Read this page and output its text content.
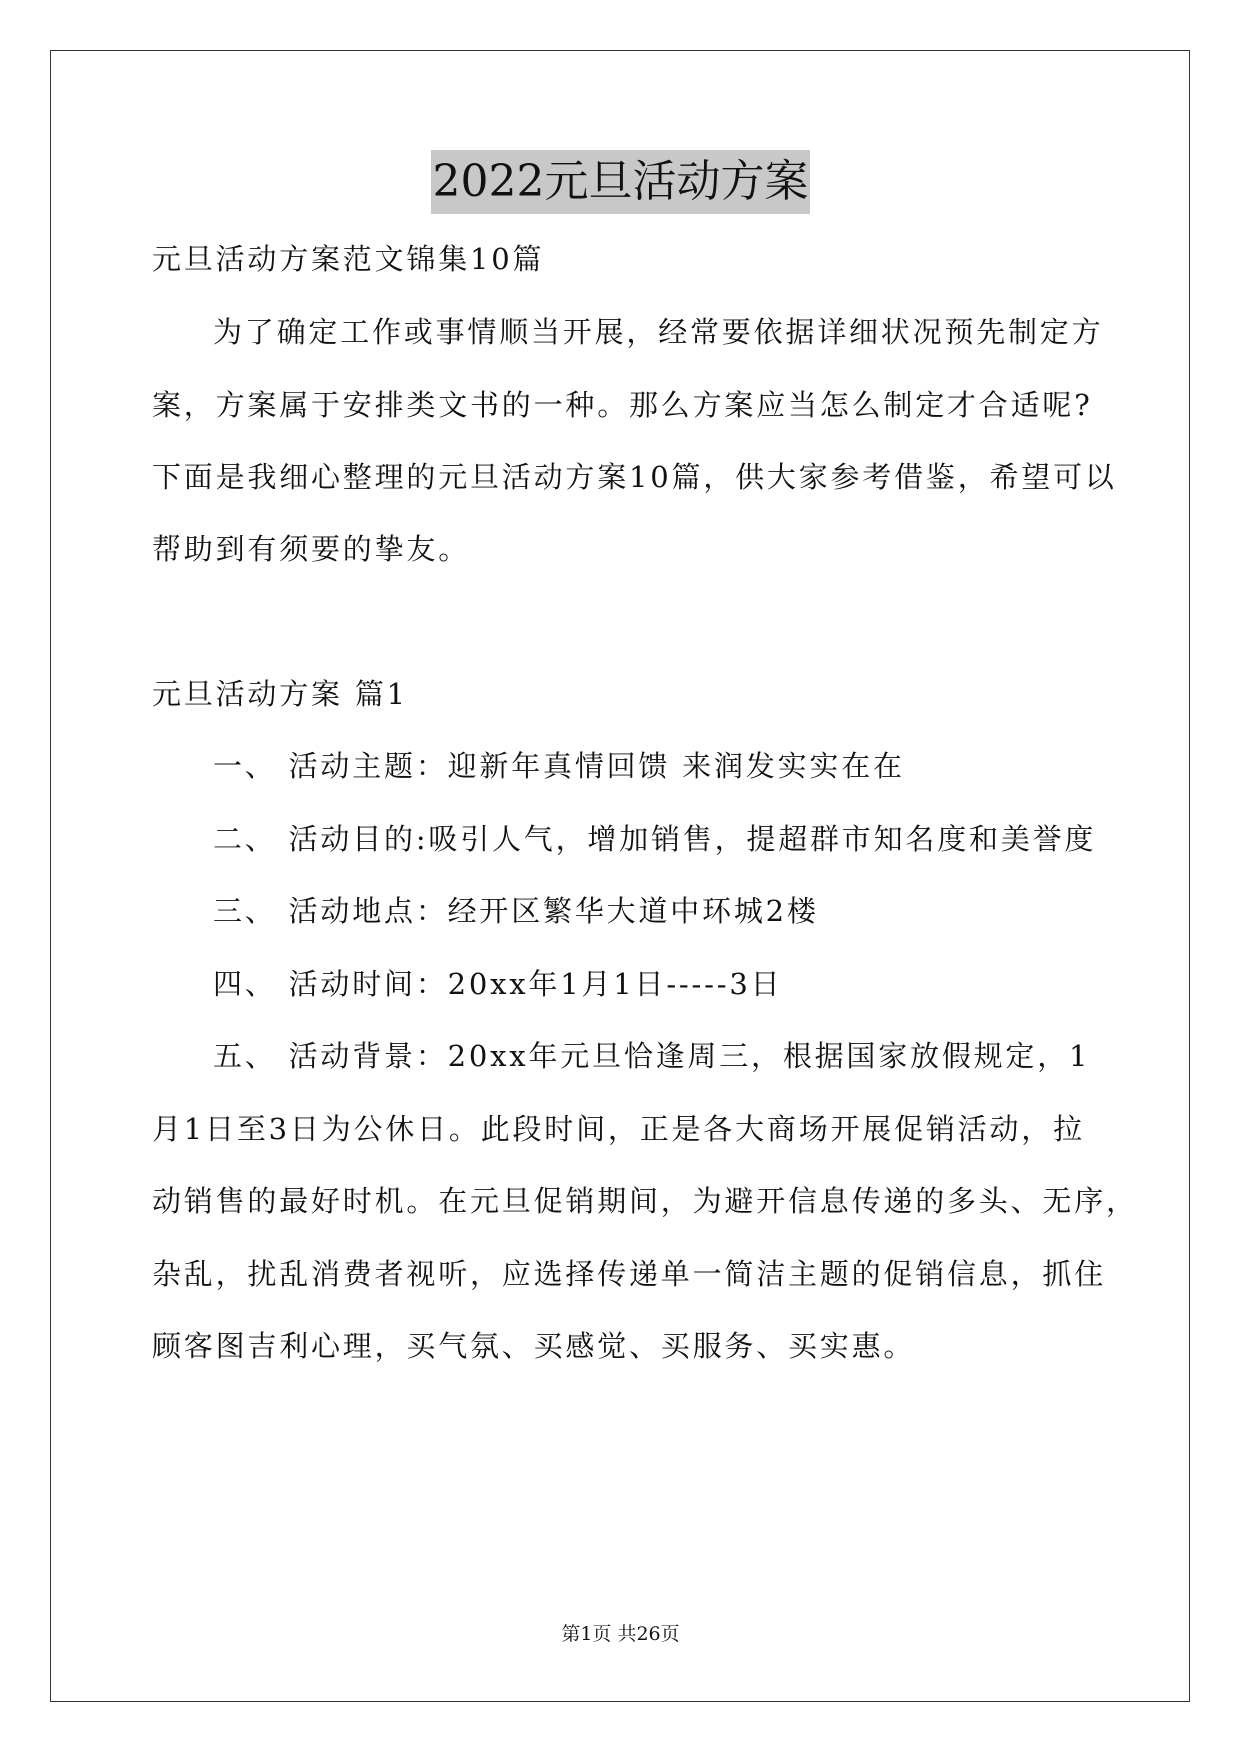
2022元旦活动方案
元旦活动方案范文锦集10篇
为了确定工作或事情顺当开展，经常要依据详细状况预先制定方
案，方案属于安排类文书的一种。那么方案应当怎么制定才合适呢?
下面是我细心整理的元旦活动方案10篇，供大家参考借鉴，希望可以
帮助到有须要的挚友。
元旦活动方案 篇1
一、 活动主题：迎新年真情回馈 来润发实实在在
二、 活动目的:吸引人气，增加销售，提超群市知名度和美誉度
三、 活动地点：经开区繁华大道中环城2楼
四、 活动时间：20xx年1月1日-----3日
五、 活动背景：20xx年元旦恰逢周三，根据国家放假规定，1
月1日至3日为公休日。此段时间，正是各大商场开展促销活动，拉
动销售的最好时机。在元旦促销期间，为避开信息传递的多头、无序，
杂乱，扰乱消费者视听，应选择传递单一简洁主题的促销信息，抓住
顾客图吉利心理，买气氛、买感觉、买服务、买实惠。
第1页 共26页
